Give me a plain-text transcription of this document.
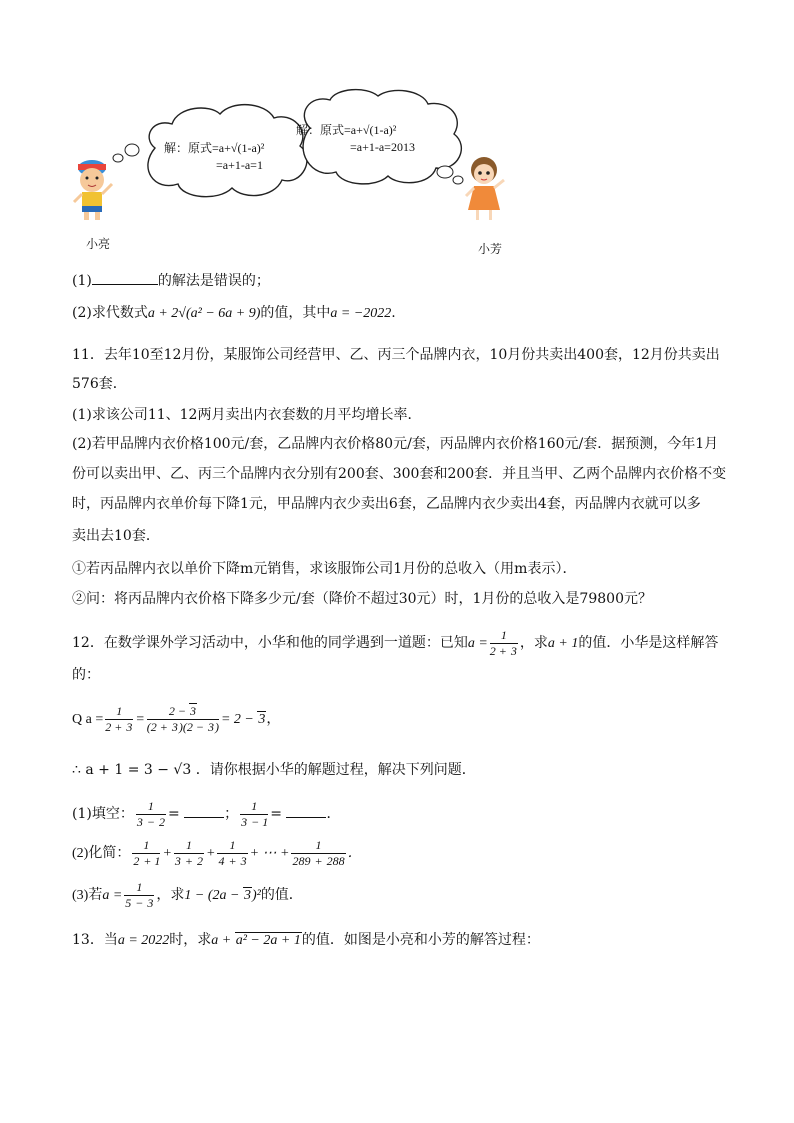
解：原式=a+√(1-a)²
=a+1-a=1
解：原式=a+√(1-a)²
=a+1-a=2013
小亮	小芳
(1)	的解法是错误的；
(2)求代数式a + 2√(a² − 6a + 9)的值，其中a = −2022.
11．去年10至12月份，某服饰公司经营甲、乙、丙三个品牌内衣，10月份共卖出400套，12月份共卖出
576套．
(1)求该公司11、12两月卖出内衣套数的月平均增长率．
(2)若甲品牌内衣价格100元/套，乙品牌内衣价格80元/套，丙品牌内衣价格160元/套．据预测，今年1月
份可以卖出甲、乙、丙三个品牌内衣分别有200套、300套和200套．并且当甲、乙两个品牌内衣价格不变
时，丙品牌内衣单价每下降1元，甲品牌内衣少卖出6套，乙品牌内衣少卖出4套，丙品牌内衣就可以多
卖出去10套．
①若丙品牌内衣以单价下降m元销售，求该服饰公司1月份的总收入（用m表示）．
②问：将丙品牌内衣价格下降多少元/套（降价不超过30元）时，1月份的总收入是79800元？
12．在数学课外学习活动中，小华和他的同学遇到一道题：已知$a = \frac{1}{2 + 3}$ ，求a + 1的值．小华是这样解答
的：
Q $a = \frac{1}{2 + 3} = \frac{2 - 3}{(2 + 3)(2 - 3)} = 2 - 3$，
∴ a + 1 = 3 − √3 ．请你根据小华的解题过程，解决下列问题．
(1)填空： $\frac{1}{3 - 2}$ =	； $\frac{1}{3 - 1}$ =	．
(2)化简： $\frac{1}{2 + 1} + \frac{1}{3 + 2} + \frac{1}{4 + 3}$ + ⋯ + $\frac{1}{289 + 288}$ ．
(3)若$a = \frac{1}{5 - 3}$ ，求1 − (2a − 3)²的值．
13．当a = 2022时，求a + a² − 2a + 1的值．如图是小亮和小芳的解答过程：
